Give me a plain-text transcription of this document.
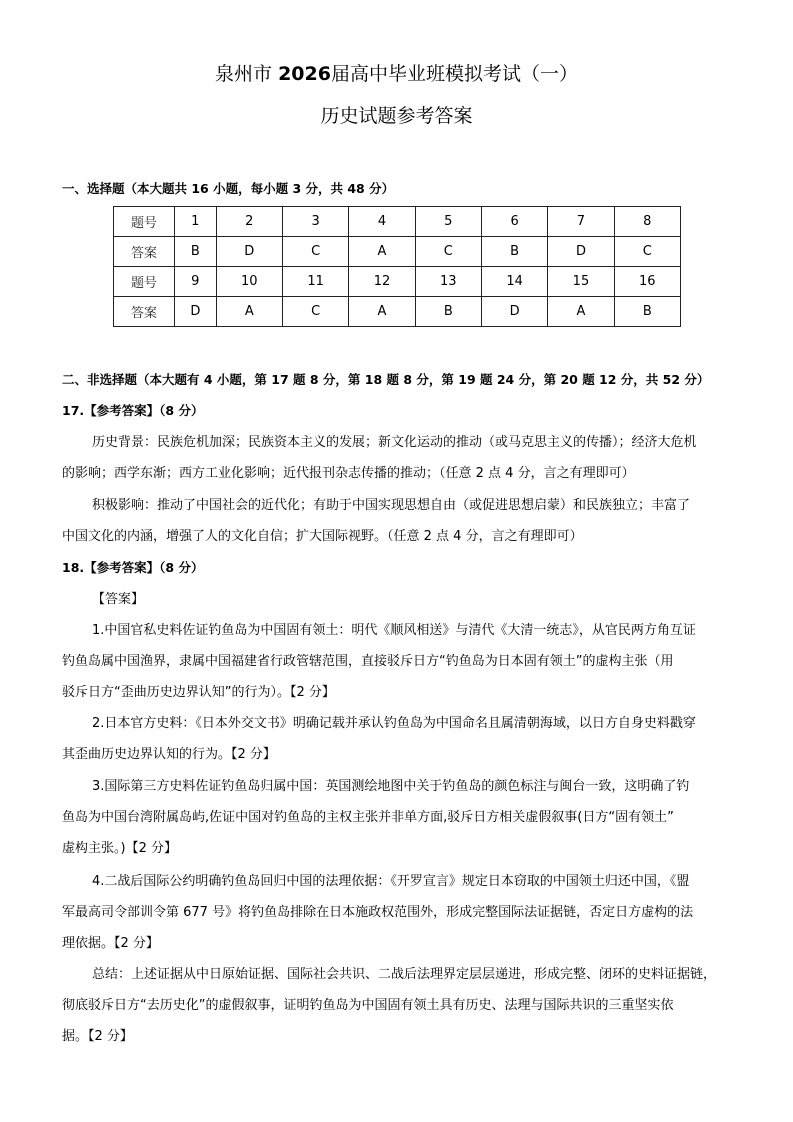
泉州市 2026届高中毕业班模拟考试（一）
历史试题参考答案
一、选择题（本大题共 16 小题，每小题 3 分，共 48 分）
题号	1	2	3	4	5	6	7	8
答案	B	D	C	A	C	B	D	C
题号	9	10	11	12	13	14	15	16
答案	D	A	C	A	B	D	A	B
二、非选择题（本大题有 4 小题，第 17 题 8 分，第 18 题 8 分，第 19 题 24 分，第 20 题 12 分，共 52 分）
17.【参考答案】（8 分）
历史背景：民族危机加深；民族资本主义的发展；新文化运动的推动（或马克思主义的传播）；经济大危机
的影响；西学东渐；西方工业化影响；近代报刊杂志传播的推动；（任意 2 点 4 分，言之有理即可）
积极影响：推动了中国社会的近代化；有助于中国实现思想自由（或促进思想启蒙）和民族独立；丰富了
中国文化的内涵，增强了人的文化自信；扩大国际视野。（任意 2 点 4 分，言之有理即可）
18.【参考答案】（8 分）
【答案】
1.中国官私史料佐证钓鱼岛为中国固有领土：明代《顺风相送》与清代《大清一统志》，从官民两方角互证
钓鱼岛属中国渔界，隶属中国福建省行政管辖范围，直接驳斥日方“钓鱼岛为日本固有领土”的虚构主张（用
驳斥日方“歪曲历史边界认知”的行为）。【2 分】
2.日本官方史料：《日本外交文书》明确记载并承认钓鱼岛为中国命名且属清朝海域，以日方自身史料戳穿
其歪曲历史边界认知的行为。【2 分】
3.国际第三方史料佐证钓鱼岛归属中国：英国测绘地图中关于钓鱼岛的颜色标注与闽台一致，这明确了钓
鱼岛为中国台湾附属岛屿,佐证中国对钓鱼岛的主权主张并非单方面,驳斥日方相关虚假叙事(日方“固有领土”
虚构主张。)【2 分】
4.二战后国际公约明确钓鱼岛回归中国的法理依据：《开罗宣言》规定日本窃取的中国领土归还中国，《盟
军最高司令部训令第 677 号》将钓鱼岛排除在日本施政权范围外，形成完整国际法证据链，否定日方虚构的法
理依据。【2 分】
总结：上述证据从中日原始证据、国际社会共识、二战后法理界定层层递进，形成完整、闭环的史料证据链，
彻底驳斥日方“去历史化”的虚假叙事，证明钓鱼岛为中国固有领土具有历史、法理与国际共识的三重坚实依
据。【2 分】
